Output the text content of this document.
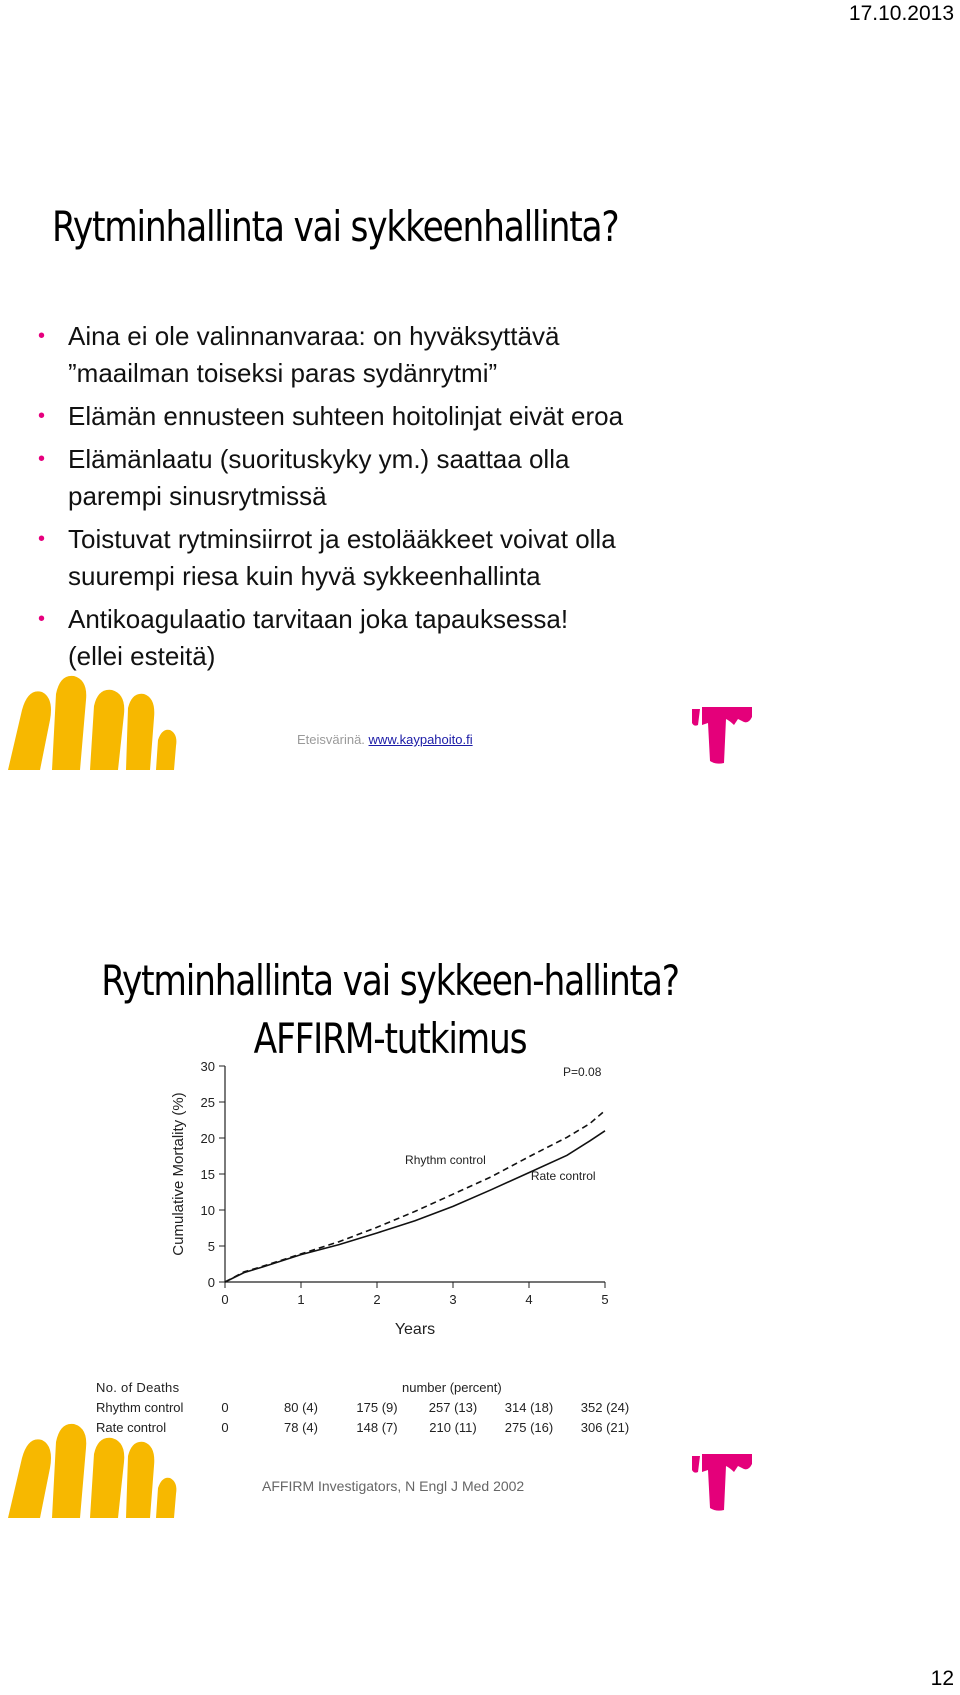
17.10.2013
Rytminhallinta vai sykkeenhallinta?
• Aina ei ole valinnanvaraa: on hyväksyttävä
”maailman toiseksi paras sydänrytmi”
• Elämän ennusteen suhteen hoitolinjat eivät eroa
• Elämänlaatu (suorituskyky ym.) saattaa olla
parempi sinusrytmissä
• Toistuvat rytminsiirrot ja estolääkkeet voivat olla
suurempi riesa kuin hyvä sykkeenhallinta
• Antikoagulaatio tarvitaan joka tapauksessa!
(ellei esteitä)
Eteisvärinä. www.kaypahoito.fi
Rytminhallinta vai sykkeen-hallinta?
AFFIRM-tutkimus
0
5
10
15
20
25
30
0	1	2	3	4	5
Years
Cumulative Mortality (%)
P=0.08
Rhythm control
Rate control
No. of Deaths	number (percent)
Rhythm control	0	80 (4)	175 (9)	257 (13)	314 (18)	352 (24)
Rate control	0	78 (4)	148 (7)	210 (11)	275 (16)	306 (21)
AFFIRM Investigators, N Engl J Med 2002
12
